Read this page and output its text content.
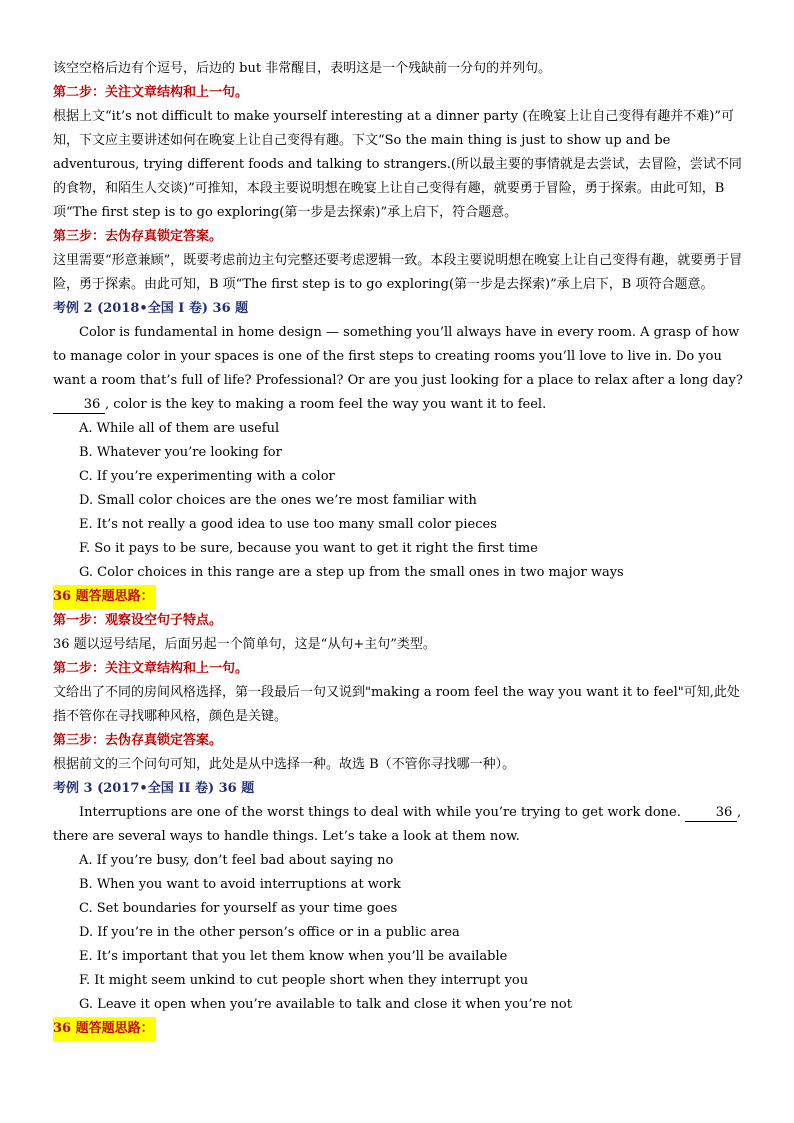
该空空格后边有个逗号，后边的 but 非常醒目，表明这是一个残缺前一分句的并列句。

第二步：关注文章结构和上一句。

根据上文“it’s not difficult to make yourself interesting at a dinner party (在晚宴上让自己变得有趣并不难)”可知，下文应主要讲述如何在晚宴上让自己变得有趣。下文“So the main thing is just to show up and be adventurous, trying different foods and talking to strangers.(所以最主要的事情就是去尝试，去冒险，尝试不同的食物，和陌生人交谈)”可推知，本段主要说明想在晚宴上让自己变得有趣，就要勇于冒险，勇于探索。由此可知，B 项“The first step is to go exploring(第一步是去探索)”承上启下，符合题意。

第三步：去伪存真锁定答案。

这里需要“形意兼顾”，既要考虑前边主句完整还要考虑逻辑一致。本段主要说明想在晚宴上让自己变得有趣，就要勇于冒险，勇于探索。由此可知，B 项“The first step is to go exploring(第一步是去探索)”承上启下，B 项符合题意。

考例 2 (2018•全国 I 卷) 36 题

Color is fundamental in home design — something you’ll always have in every room. A grasp of how to manage color in your spaces is one of the first steps to creating rooms you’ll love to live in. Do you want a room that’s full of life? Professional? Or are you just looking for a place to relax after a long day? 36 , color is the key to making a room feel the way you want it to feel.

A. While all of them are useful

B. Whatever you’re looking for

C. If you’re experimenting with a color

D. Small color choices are the ones we’re most familiar with

E. It’s not really a good idea to use too many small color pieces

F. So it pays to be sure, because you want to get it right the first time

G. Color choices in this range are a step up from the small ones in two major ways

36 题答题思路：

第一步：观察设空句子特点。

36 题以逗号结尾，后面另起一个简单句，这是“从句+主句”类型。

第二步：关注文章结构和上一句。

文给出了不同的房间风格选择，第一段最后一句又说到"making a room feel the way you want it to feel"可知,此处指不管你在寻找哪种风格，颜色是关键。

第三步：去伪存真锁定答案。

根据前文的三个问句可知，此处是从中选择一种。故选 B（不管你寻找哪一种）。

考例 3 (2017•全国 II 卷) 36 题

Interruptions are one of the worst things to deal with while you’re trying to get work done. 36 , there are several ways to handle things. Let’s take a look at them now.

A. If you’re busy, don’t feel bad about saying no

B. When you want to avoid interruptions at work

C. Set boundaries for yourself as your time goes

D. If you’re in the other person’s office or in a public area

E. It’s important that you let them know when you’ll be available

F. It might seem unkind to cut people short when they interrupt you

G. Leave it open when you’re available to talk and close it when you’re not

36 题答题思路：
